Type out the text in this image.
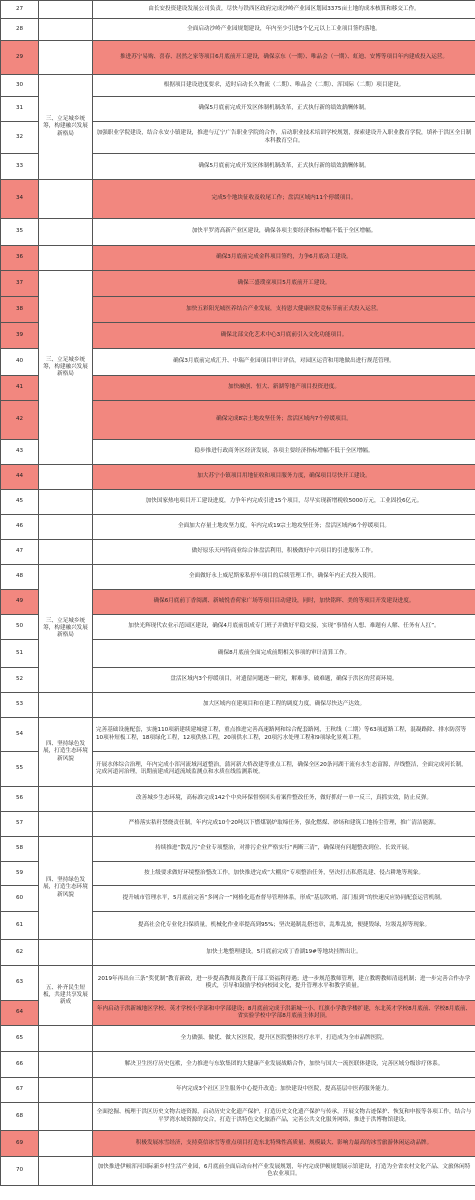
27		由长安投资建设发展公司负责，尽快与铁西区政府完成沙岭产业园区划园3375亩土地的成本核算和移交工作。
28		全面启动沙岭产业园规划建设，年内至少引进5个亿元以上工业项目签约落地。
29		推进苏宁易购、喜春、居然之家等项目6月底前开工建设，确保京东（一期）、唯品会（一期）、虹迪、安博等项目年内建成投入运营。
30	三、立足城乡统筹，构建融兴发展新格局	根据项目建设进度要求，适时启动长久物流（二期）、唯品会（二期）、浑国际（二期）项目建设。
31		确保5月底前完成开发区体制机制改革，正式执行新的绩效薪酬体制。
32		加强职业学院建设，结合永安小镇建设，推进与辽宁广告职业学院的合作，启动职业技术培训学校规划，探索建设升入职业教育学院，填补于洪区全日制本科教育空白。
33		确保5月底前完成开发区体制机制改革，正式执行新的绩效薪酬体制。
34		完成5个地块征收及收尾工作；盘活区域内11个停缓项目。
35		加快平罗湾高新产业区建设，确保各项主要经济指标增幅不低于全区增幅。
36		确保3月底前完成金科项目签约，力争6月底动工建设。
37	三、立足城乡统筹，构建融兴发展新格局	确保三盛璞童项目5月底前开工建设。
38		加快五彩阳光城医养结合产业发展，支持恩大健康医院竞标节前正式投入运营。
39		确保北部文化艺术中心3月底前引入文化功能项目。
40		确保3月底前完成汇升、中瑞产业园项目审计评估，对园区运营和用地做出进行规范管理。
41		加快融创、恒大、新湖等地产项目投资进度。
42		确保完成8宗土地攻坚任务；盘活区域内7个停缓项目。
43		稳步推进行政商务区经济发展，各项主要经济指标增幅不低于全区增幅。
44		加大苏宁小镇项目用地征收和项目服务力度，确保项目尽快开工建设。
45		加快国家热电项目开工建设进度，力争年内完成引进15个项目，尽早实现新增税收5000万元，工业固投6亿元。
46		全面加大存量土地攻坚力度，年内完成19宗土地攻坚任务；盘活区域内6个停缓项目。
47		做好原乐天玛特商业综合体盘活利用，积极做好中兴项目的引进服务工作。
48	三、立足城乡统筹，构建融兴发展新格局	全面做好永上威尼斯家私停车项目的后续管理工作，确保年内正式投入使用。
49		确保6月底前丁香阅湖、新城悦香荷家广场等项目目动建设，同时，加快铭晖、美的等项目开发建设进度。
50		加快光辉现代农业示范园区建设，确保4月底前组成专门班子并做好平稳交接，实现“事情有人想、难题有人解、任务有人扛”。
51		确保8月底前全面完成前期相关事项的审计清算工作。
52		盘活区域内3个停缓项目，对遗留问题逐一研究，解难事，破难题，确保于洪区的营商环境。
53		加大区域内在建项目和在建工程的调度力度，确保尽快达产达效。
54	四、坚持绿色发展，打造生态环境新风貌	完善基础设施配套，实施110项新建续建城建工程，重点推进完善高速路网和综合配套路网，王秋线（二期）等63项道路工程，混凝路除、排水防涝等10项补短板工程，18项绿化工程，12项供热工程，20项供水工程，20项污水处理工程和9项绿化景观工程。
55		开展水体综合治理，年内完成小浑河流域河道整治，蒲河新大桥改建等重点工程，确保全区20条河湖干流有水生态富源，岸线整洁，全面完成河长制，完成河道河治理，讯期前建成河道流域监测点和水质在线监测系统。
56		改善城乡生态环境，高标准完成142个中央环保督察回头看案件整改任务，做好抓好一单一反三，真抓实效，防止反弹。
57		严格落实秸秆禁烧责任制，年内完成10个20吨以下燃煤锅炉取缔任务，强化燃煤、砂场和建筑工地扬尘管理，推广清洁能源。
58	四、坚持绿色发展，打造生态环境新风貌	持续推进“散乱污”企业专项整治，对排污企业严格实行“两断三清”，确保现有问题整改到位、长效开展。
59		按上级要求做好环境整治整改工作，加快推进完成“大棚房”专项整治任务，坚决打击私搭乱建、侵占耕地等现象。
60		提升城市管理水平，5月底前完善“多网合一”网格化巡查督导管理体系，形成“基层吹哨、部门报到”的快速反应协同配套运营机制。
61		提高社会化专业化扫保质量，机械化作业率提高到95%；坚决遏制乱搭违章，乱堆乱放，便捷毁绿，垃圾乱掉等现象。
62		加快土地整理建设，5月底前完成丁香湖19#等地块挂牌出让。
63	五、补齐民生短板，共建共享发展新成	2019年再出台三条“奖优制”教育新政，进一步提高教师及教育干部工资福利待遇；进一步规范教师管理，建立教聘教师清退机制；进一步完善合作办学模式，引导和鼓励学校向校园文化，提升管理水平和教学质量。
64		年内启动于洪新城地区学校、英才学校小学部和中学部建设；8月底前完成于洪新城一小、红旗小学教学楼扩建，东北英才学校8月底前、学校8月底前、省实验学校中学部8月底前主体封顶。
65		全力做强、做优、做大区医院，提升区医院整体医疗水平，打造成为全市品牌医院。
66		解决卫生医疗历史包袱，全力推进与东软集团的大健康产业发展战略合作，加快与国大一流医联体建设，完善区域分级诊疗体系。
67		年内完成3个社区卫生服务中心提升改造；加快建设中医院，提高基层中医药服务能力。
68		全面挖掘、梳理于洪区历史文物古迹资源，启动历史文化遗产保护，打造历史文化遗产保护与传承，开展文物古迹保护、恢复和申报等各项工作，结合与平罗湾水域资源的交合，打造于洪特色文化旅游产品，完善公共文化服务网络，推进于洪博物馆建设。
69		积极发展冰雪经济，支持莫信冰雪等重点项目打造东北特殊性高质量、规模最大、影响力最高的冰雪旅游休闲运动品牌。
70		加快推进伊顿浑河国际新乡村生活产业园，6月底前全面启动台村产业发展规划，年内完成伊顿规划展示馆建设，打造为全省农村文化产品、文旅休闲特色农业项目。
